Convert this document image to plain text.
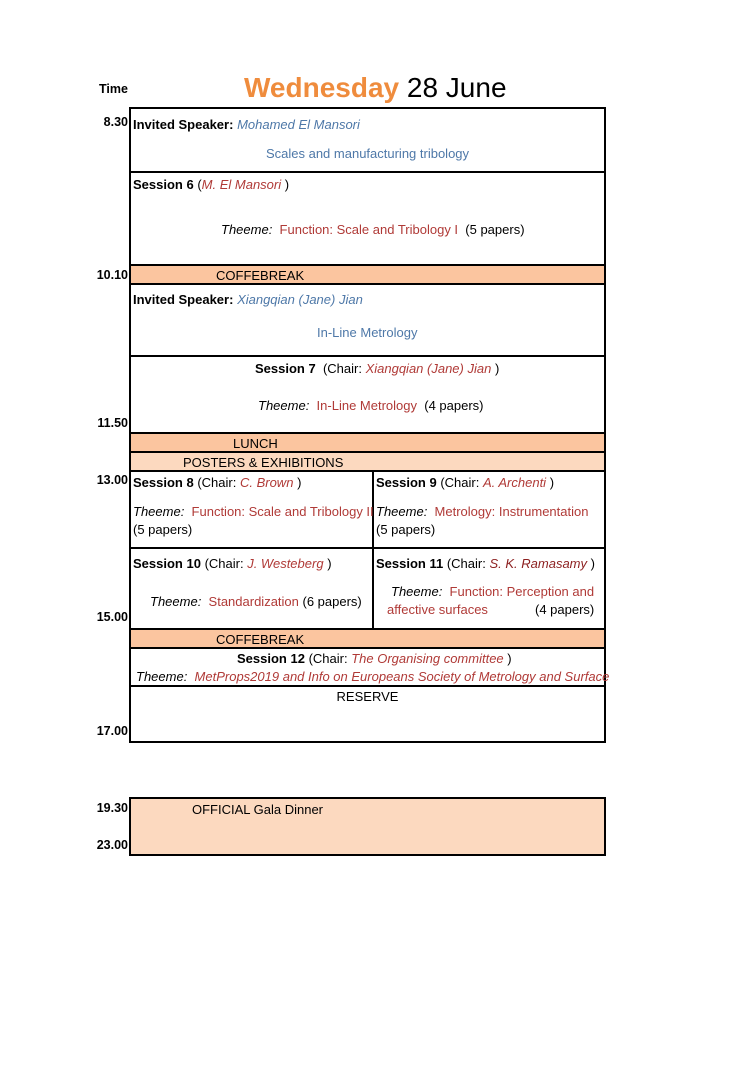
Time	Wednesday 28 June
8.30
10.10
11.50
13.00
15.00
17.00
19.30
23.00
Invited Speaker: Mohamed El Mansori
Scales and manufacturing tribology
Session 6 (M. El Mansori )
Theeme: Function: Scale and Tribology I (5 papers)
COFFEBREAK
Invited Speaker: Xiangqian (Jane) Jian
In-Line Metrology
Session 7 (Chair: Xiangqian (Jane) Jian )
Theeme: In-Line Metrology (4 papers)
LUNCH
POSTERS & EXHIBITIONS
Session 8 (Chair: C. Brown )
Theeme: Function: Scale and Tribology II
(5 papers)
Session 9 (Chair: A. Archenti )
Theeme: Metrology: Instrumentation
(5 papers)
Session 10 (Chair: J. Westeberg )
Theeme: Standardization (6 papers)
Session 11 (Chair: S. K. Ramasamy )
Theeme: Function: Perception and
affective surfaces	(4 papers)
COFFEBREAK
Session 12 (Chair: The Organising committee )
Theeme: MetProps2019 and Info on Europeans Society of Metrology and Surface
RESERVE
OFFICIAL Gala Dinner
